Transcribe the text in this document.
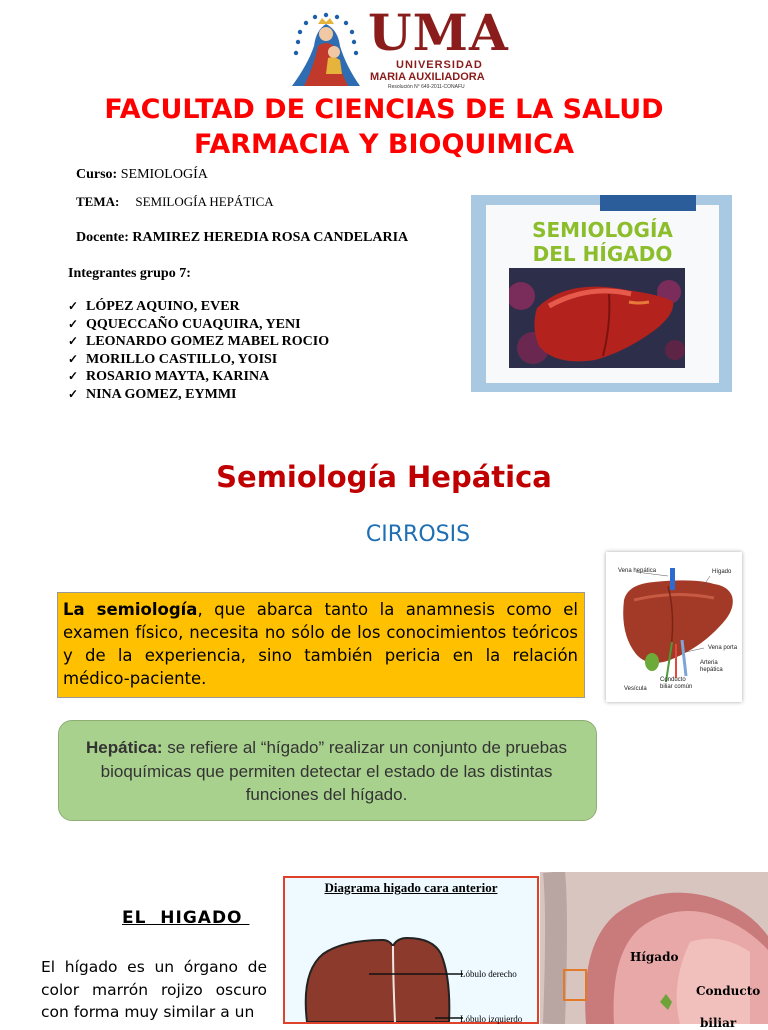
UMA
UNIVERSIDAD
MARIA AUXILIADORA
Resolución N° 649-2011-CONAFU
FACULTAD DE CIENCIAS DE LA SALUD
FARMACIA Y BIOQUIMICA
Curso: SEMIOLOGÍA
TEMA: SEMILOGÍA HEPÁTICA
Docente: RAMIREZ HEREDIA ROSA CANDELARIA
Integrantes grupo 7:
✓ LÓPEZ AQUINO, EVER
✓ QQUECCAÑO CUAQUIRA, YENI
✓ LEONARDO GOMEZ MABEL ROCIO
✓ MORILLO CASTILLO, YOISI
✓ ROSARIO MAYTA, KARINA
✓ NINA GOMEZ, EYMMI
SEMIOLOGÍA
DEL HÍGADO
Semiología Hepática
CIRROSIS
Vena hepática	Hígado
Vena porta
Arteria
hepática
Conducto
biliar común
Vesícula
La semiología, que abarca tanto la anamnesis como el examen físico, necesita no sólo de los conocimientos teóricos y de la experiencia, sino también pericia en la relación médico-paciente.
Hepática: se refiere al “hígado” realizar un conjunto de pruebas bioquímicas que permiten detectar el estado de las distintas funciones del hígado.
EL  HIGADO
El hígado es un órgano de color marrón rojizo oscuro con forma muy similar a un
Diagrama higado cara anterior
Lóbulo derecho
Lóbulo izquierdo
Hígado
Conducto
biliar
